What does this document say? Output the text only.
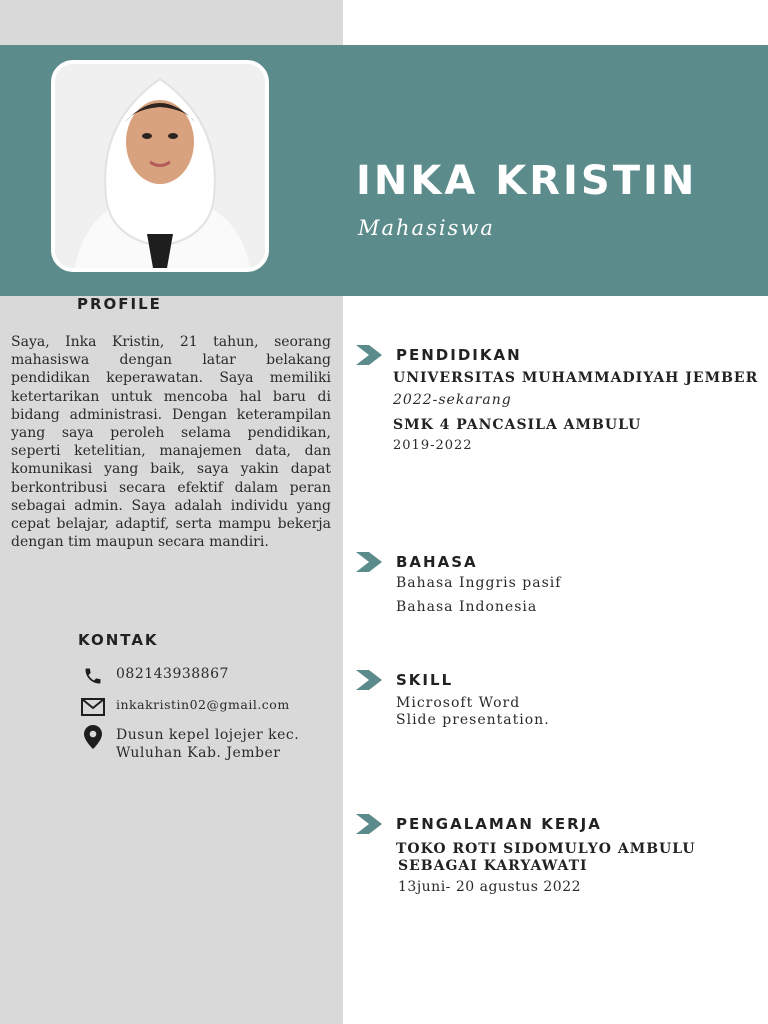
INKA KRISTIN
Mahasiswa
PROFILE

Saya, Inka Kristin, 21 tahun, seorang mahasiswa dengan latar belakang pendidikan keperawatan. Saya memiliki ketertarikan untuk mencoba hal baru di bidang administrasi. Dengan keterampilan yang saya peroleh selama pendidikan, seperti ketelitian, manajemen data, dan komunikasi yang baik, saya yakin dapat berkontribusi secara efektif dalam peran sebagai admin. Saya adalah individu yang cepat belajar, adaptif, serta mampu bekerja dengan tim maupun secara mandiri.

KONTAK
082143938867
inkakristin02@gmail.com
Dusun kepel lojejer kec.
Wuluhan Kab. Jember
PENDIDIKAN
UNIVERSITAS MUHAMMADIYAH JEMBER
2022-sekarang
SMK 4 PANCASILA AMBULU
2019-2022
BAHASA
Bahasa Inggris pasif
Bahasa Indonesia
SKILL
Microsoft Word
Slide presentation.
PENGALAMAN KERJA
TOKO ROTI SIDOMULYO AMBULU
SEBAGAI KARYAWATI
13juni- 20 agustus 2022
